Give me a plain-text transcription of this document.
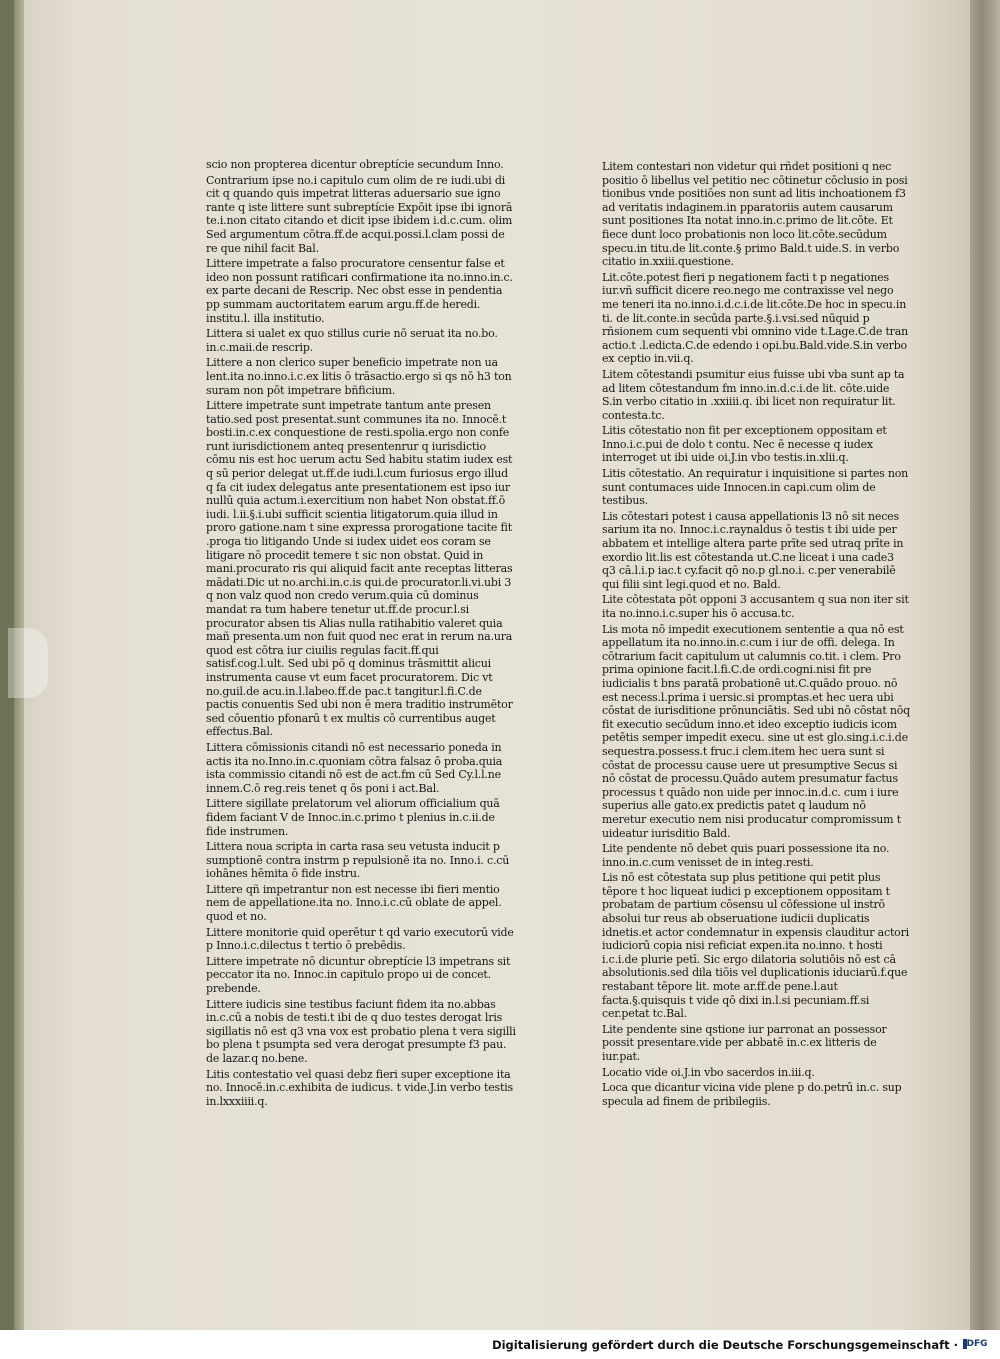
scio non propterea dicentur obreptície secundum Inno.

Contrarium ipse no.i capitulo cum olim de re iudi.ubi di cit q quando quis impetrat litteras aduersario sue igno rante q iste littere sunt subreptície Expōit ipse ibi ignorā te.i.non citato citando et dicit ipse ibidem i.d.c.cum. olim Sed argumentum cōtra.ff.de acqui.possi.l.clam possi de re que nihil facit Bal.

Littere impetrate a falso procuratore censentur false et ideo non possunt ratificari confirmatione ita no.inno.in.c. ex parte decani de Rescrip. Nec obst esse in pendentia pp summam auctoritatem earum argu.ff.de heredi. institu.l. illa institutio.

Littera si ualet ex quo stillus curie nō seruat ita no.bo. in.c.maii.de rescrip.

Littere a non clerico super beneficio impetrate non ua lent.ita no.inno.i.c.ex litis ō trāsactio.ergo si qs nō h3 ton suram non pōt impetrare bñficium.

Littere impetrate sunt impetrate tantum ante presen tatio.sed post presentat.sunt communes ita no. Innocē.t bosti.in.c.ex conquestione de resti.spolia.ergo non confe runt iurisdictionem anteq presentenrur q iurisdictio cōmu nis est hoc uerum actu Sed habitu statim iudex est q sū perior delegat ut.ff.de iudi.l.cum furiosus ergo illud q fa cit iudex delegatus ante presentationem est ipso iur nullū quia actum.i.exercitium non habet Non obstat.ff.ō iudi. l.ii.§.i.ubi sufficit scientia litigatorum.quia illud in proro gatione.nam t sine expressa prorogatione tacite fit .proga tio litigando Unde si iudex uidet eos coram se litigare nō procedit temere t sic non obstat. Quid in mani.procurato ris qui aliquid facit ante receptas litteras mādati.Dic ut no.archi.in.c.is qui.de procurator.li.vi.ubi 3 q non valz quod non credo verum.quia cū dominus mandat ra tum habere tenetur ut.ff.de procur.l.si procurator absen tis Alias nulla ratihabitio valeret quia mañ presenta.um non fuit quod nec erat in rerum na.ura quod est cōtra iur ciuilis regulas facit.ff.qui satisf.cog.l.ult. Sed ubi pō q dominus trāsmittit alicui instrumenta cause vt eum facet procuratorem. Dic vt no.guil.de acu.in.l.labeo.ff.de pac.t tangitur.l.fi.C.de pactis conuentis Sed ubi non ē mera traditio instrumētor sed cōuentio pfonarū t ex multis cō currentibus auget effectus.Bal.

Littera cōmissionis citandi nō est necessario poneda in actis ita no.Inno.in.c.quoniam cōtra falsaz ō proba.quia ista commissio citandi nō est de act.fm cū Sed Cy.l.l.ne innem.C.ō reg.reis tenet q ōs poni i act.Bal.

Littere sigillate prelatorum vel aliorum officialium quā fidem faciant V de Innoc.in.c.primo t plenius in.c.ii.de fide instrumen.

Littera noua scripta in carta rasa seu vetusta inducit p sumptionē contra instrm p repulsionē ita no. Inno.i. c.cū iohānes hēmita ō fide instru.

Littere qñ impetrantur non est necesse ibi fieri mentio nem de appellatione.ita no. Inno.i.c.cū oblate de appel. quod et no.

Littere monitorie quid operētur t qd vario executorū vide p Inno.i.c.dilectus t tertio ō prebēdis.

Littere impetrate nō dicuntur obreptície l3 impetrans sit peccator ita no. Innoc.in capitulo propo ui de concet. prebende.

Littere iudicis sine testibus faciunt fidem ita no.abbas in.c.cū a nobis de testi.t ibi de q duo testes derogat lris sigillatis nō est q3 vna vox est probatio plena t vera sigilli bo plena t psumpta sed vera derogat presumpte f3 pau. de lazar.q no.bene.

Litis contestatio vel quasi debz fieri super exceptione ita no. Innocē.in.c.exhibita de iudicus. t vide.J.in verbo testis in.lxxxiiii.q.

Litem contestari non videtur qui rñdet positioni q nec positio ō libellus vel petitio nec cōtinetur cōclusio in posi tionibus vnde positiōes non sunt ad litis inchoationem f3 ad veritatis indaginem.in pparatoriis autem causarum sunt positiones Ita notat inno.in.c.primo de lit.cōte. Et fiece dunt loco probationis non loco lit.cōte.secūdum specu.in titu.de lit.conte.§ primo Bald.t uide.S. in verbo citatio in.xxiii.questione.

Lit.cōte.potest fieri p negationem facti t p negationes iur.vñ sufficit dicere reo.nego me contraxisse vel nego me teneri ita no.inno.i.d.c.i.de lit.cōte.De hoc in specu.in ti. de lit.conte.in secūda parte.§.i.vsi.sed nūquid p rñsionem cum sequenti vbi omnino vide t.Lage.C.de tran actio.t .l.edicta.C.de edendo i opi.bu.Bald.vide.S.in verbo ex ceptio in.vii.q.

Litem cōtestandi psumitur eius fuisse ubi vba sunt ap ta ad litem cōtestandum fm inno.in.d.c.i.de lit. cōte.uide S.in verbo citatio in .xxiiii.q. ibi licet non requiratur lit. contesta.tc.

Litis cōtestatio non fit per exceptionem oppositam et Inno.i.c.pui de dolo t contu. Nec ē necesse q iudex interroget ut ibi uide oi.J.in vbo testis.in.xlii.q.

Litis cōtestatio. An requiratur i inquisitione si partes non sunt contumaces uide Innocen.in capi.cum olim de testibus.

Lis cōtestari potest i causa appellationis l3 nō sit neces sarium ita no. Innoc.i.c.raynaldus ō testis t ibi uide per abbatem et intellige altera parte prīte sed utraq prīte in exordio lit.lis est cōtestanda ut.C.ne liceat i una cade3 q3 cā.l.i.p iac.t cy.facit qō no.p gl.no.i. c.per venerabilē qui filii sint legi.quod et no. Bald.

Lite cōtestata pōt opponi 3 accusantem q sua non iter sit ita no.inno.i.c.super his ō accusa.tc.

Lis mota nō impedit executionem sententie a qua nō est appellatum ita no.inno.in.c.cum i iur de offi. delega. In cōtrarium facit capitulum ut calumnis co.tit. i clem. Pro prima opinione facit.l.fi.C.de ordi.cogni.nisi fit pre iudicialis t bns paratā probationē ut.C.quādo prouo. nō est necess.l.prima i uersic.si promptas.et hec uera ubi cōstat de iurisditione prōnunciātis. Sed ubi nō cōstat nōq fit executio secūdum inno.et ideo exceptio iudicis icom petētis semper impedit execu. sine ut est glo.sing.i.c.i.de sequestra.possess.t fruc.i clem.item hec uera sunt si cōstat de processu cause uere ut presumptive Secus si nō cōstat de processu.Quādo autem presumatur factus processus t quādo non uide per innoc.in.d.c. cum i iure superius alle gato.ex predictis patet q laudum nō meretur executio nem nisi producatur compromissum t uideatur iurisditio Bald.

Lite pendente nō debet quis puari possessione ita no. inno.in.c.cum venisset de in integ.resti.

Lis nō est cōtestata sup plus petitione qui petit plus tēpore t hoc liqueat iudici p exceptionem oppositam t probatam de partium cōsensu ul cōfessione ul instrō absolui tur reus ab obseruatione iudicii duplicatis idnetis.et actor condemnatur in expensis clauditur actori iudiciorū copia nisi reficiat expen.ita no.inno. t hosti i.c.i.de plurie petī. Sic ergo dilatoria solutiōis nō est cā absolutionis.sed dila tiōis vel duplicationis iduciarū.f.que restabant tēpore lit. mote ar.ff.de pene.l.aut facta.§.quisquis t vide qō dixi in.l.si pecuniam.ff.si cer.petat tc.Bal.

Lite pendente sine qstione iur parronat an possessor possit presentare.vide per abbatē in.c.ex litteris de iur.pat.

Locatio vide oi.J.in vbo sacerdos in.iii.q.

Loca que dicantur vicina vide plene p do.petrū in.c. sup specula ad finem de pribilegiis.

Digitalisierung gefördert durch die Deutsche Forschungsgemeinschaft · DFG
